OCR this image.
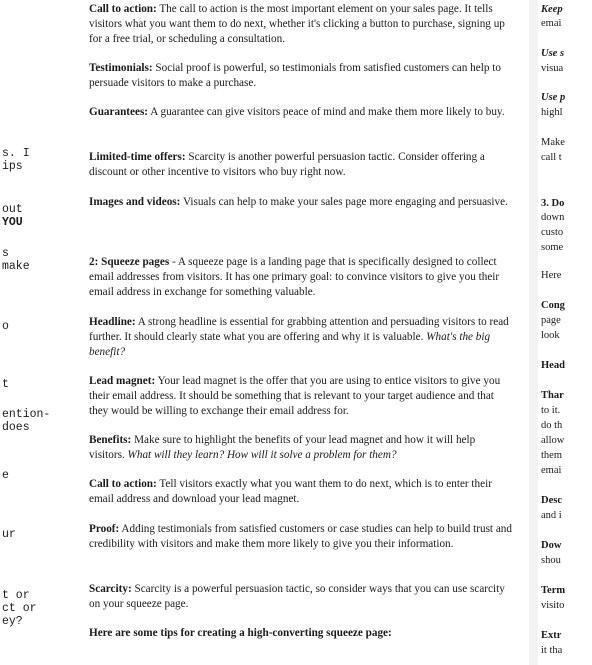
s. I
ips
out
YOU
s
make
o
t
ention-
does
e
ur
t or
ct or
ey?

Call to action: The call to action is the most important element on your sales page. It tells visitors what you want them to do next, whether it's clicking a button to purchase, signing up for a free trial, or scheduling a consultation.

Testimonials: Social proof is powerful, so testimonials from satisfied customers can help to persuade visitors to make a purchase.

Guarantees: A guarantee can give visitors peace of mind and make them more likely to buy.

Limited-time offers: Scarcity is another powerful persuasion tactic. Consider offering a discount or other incentive to visitors who buy right now.

Images and videos: Visuals can help to make your sales page more engaging and persuasive.

2: Squeeze pages - A squeeze page is a landing page that is specifically designed to collect email addresses from visitors. It has one primary goal: to convince visitors to give you their email address in exchange for something valuable.

Headline: A strong headline is essential for grabbing attention and persuading visitors to read further. It should clearly state what you are offering and why it is valuable. What's the big benefit?

Lead magnet: Your lead magnet is the offer that you are using to entice visitors to give you their email address. It should be something that is relevant to your target audience and that they would be willing to exchange their email address for.

Benefits: Make sure to highlight the benefits of your lead magnet and how it will help visitors. What will they learn? How will it solve a problem for them?

Call to action: Tell visitors exactly what you want them to do next, which is to enter their email address and download your lead magnet.

Proof: Adding testimonials from satisfied customers or case studies can help to build trust and credibility with visitors and make them more likely to give you their information.

Scarcity: Scarcity is a powerful persuasion tactic, so consider ways that you can use scarcity on your squeeze page.

Here are some tips for creating a high-converting squeeze page:

Keep
emai
Use s
visua
Use p
highl
Make
call t
3. Do
down
custo
some
Here
Cong
page
look
Head
Thar
to it.
do th
allow
them
emai
Desc
and i
Dow
shou
Term
visito
Extr
it tha
